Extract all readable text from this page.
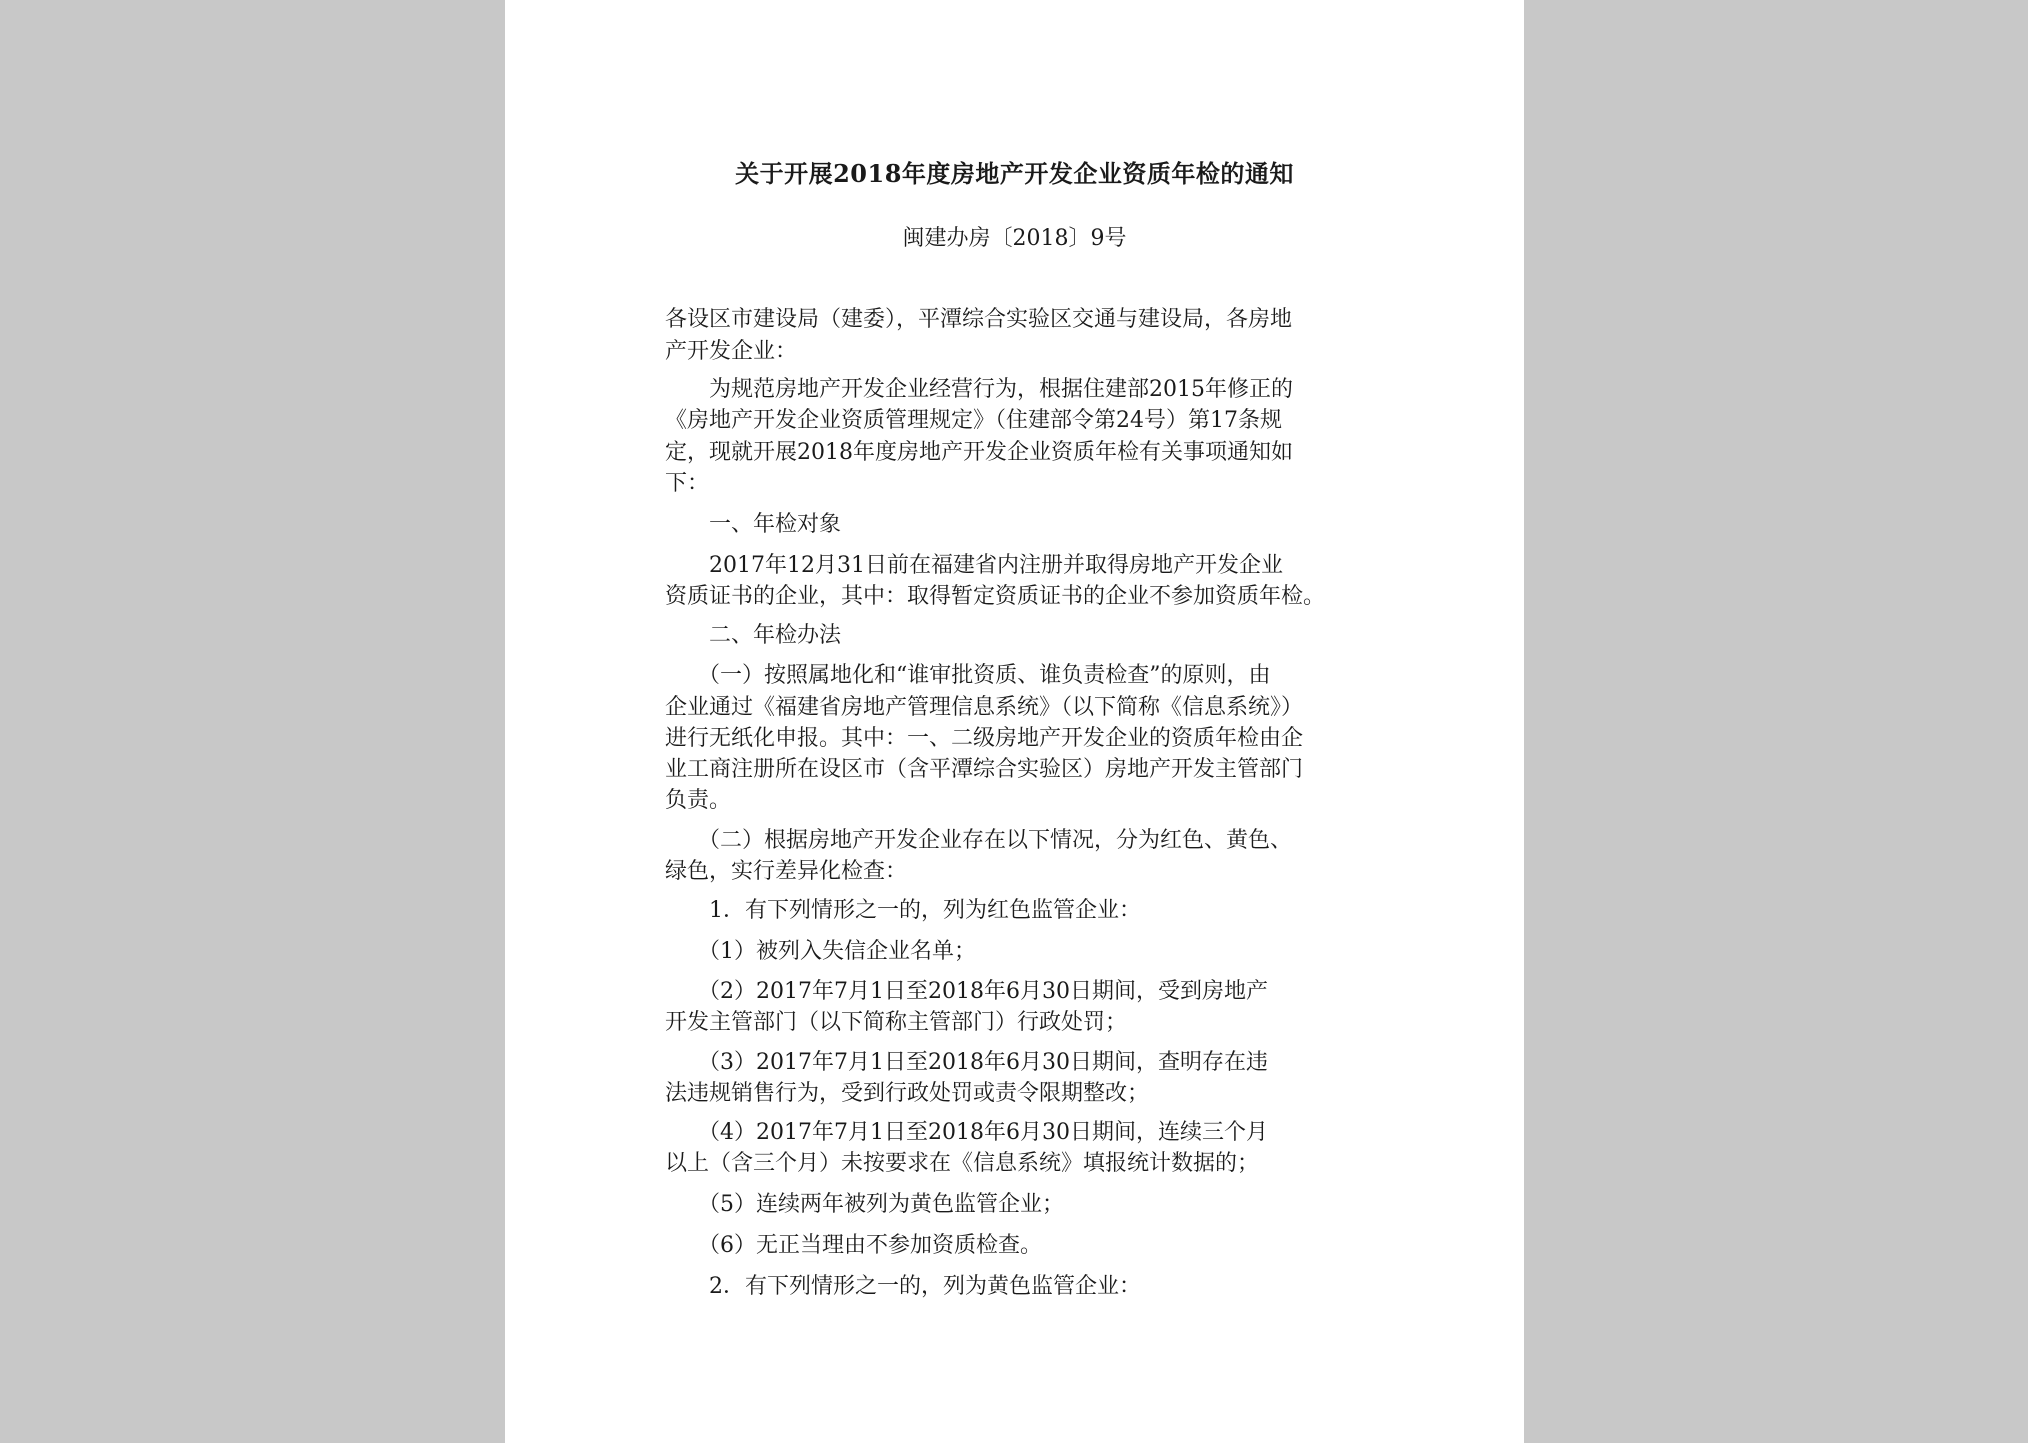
关于开展2018年度房地产开发企业资质年检的通知
闽建办房〔2018〕9号
各设区市建设局（建委），平潭综合实验区交通与建设局，各房地
产开发企业：
　　为规范房地产开发企业经营行为，根据住建部2015年修正的
《房地产开发企业资质管理规定》（住建部令第24号）第17条规
定，现就开展2018年度房地产开发企业资质年检有关事项通知如
下：
　　一、年检对象
　　2017年12月31日前在福建省内注册并取得房地产开发企业
资质证书的企业，其中：取得暂定资质证书的企业不参加资质年检。
　　二、年检办法
　　（一）按照属地化和“谁审批资质、谁负责检查”的原则，由
企业通过《福建省房地产管理信息系统》（以下简称《信息系统》）
进行无纸化申报。其中：一、二级房地产开发企业的资质年检由企
业工商注册所在设区市（含平潭综合实验区）房地产开发主管部门
负责。
　　（二）根据房地产开发企业存在以下情况，分为红色、黄色、
绿色，实行差异化检查：
　　1．有下列情形之一的，列为红色监管企业：
　　（1）被列入失信企业名单；
　　（2）2017年7月1日至2018年6月30日期间，受到房地产
开发主管部门（以下简称主管部门）行政处罚；
　　（3）2017年7月1日至2018年6月30日期间，查明存在违
法违规销售行为，受到行政处罚或责令限期整改；
　　（4）2017年7月1日至2018年6月30日期间，连续三个月
以上（含三个月）未按要求在《信息系统》填报统计数据的；
　　（5）连续两年被列为黄色监管企业；
　　（6）无正当理由不参加资质检查。
　　2．有下列情形之一的，列为黄色监管企业：
